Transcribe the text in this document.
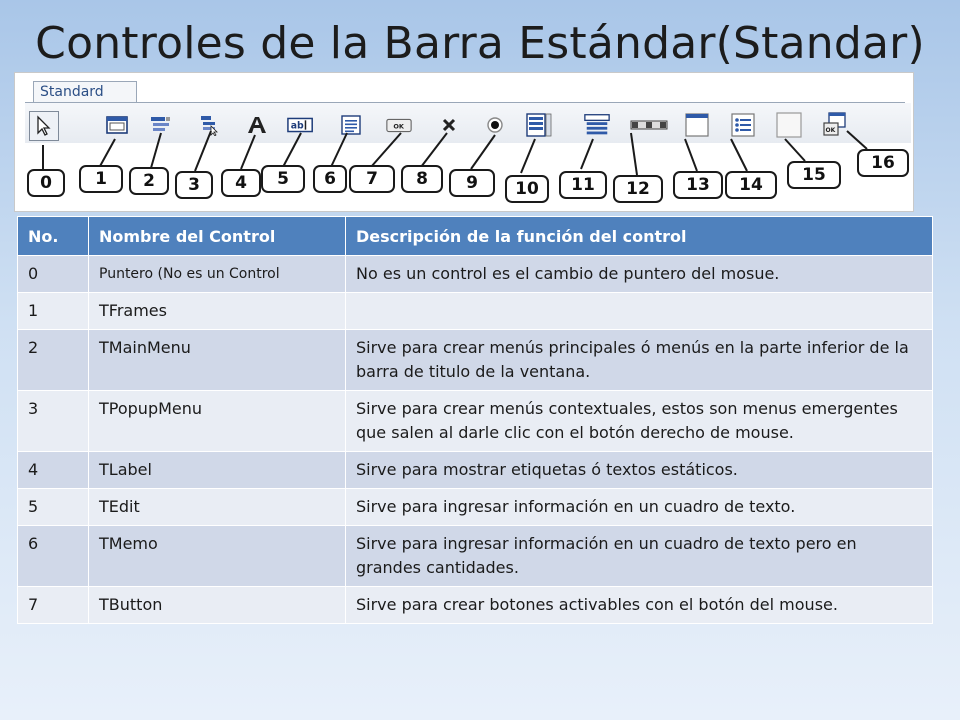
Controles de la Barra Estándar(Standar)
Standard
ab	OK	OK
0	1	2	3	4	5	6	7	8	9	10	11	12	13	14	15
16
No.	Nombre del Control	Descripción de la función del control
0	Puntero (No es un Control	No es un control es el cambio de puntero del mosue.
1	TFrames	
2	TMainMenu	Sirve para crear menús principales ó menús en la parte inferior de la barra de titulo de la ventana.
3	TPopupMenu	Sirve para crear menús contextuales, estos son menus emergentes que salen al darle clic con el botón derecho de mouse.
4	TLabel	Sirve para mostrar etiquetas ó textos estáticos.
5	TEdit	Sirve para ingresar información en un cuadro de texto.
6	TMemo	Sirve para ingresar información en un cuadro de texto pero en grandes cantidades.
7	TButton	Sirve para crear botones activables con el botón del mouse.
